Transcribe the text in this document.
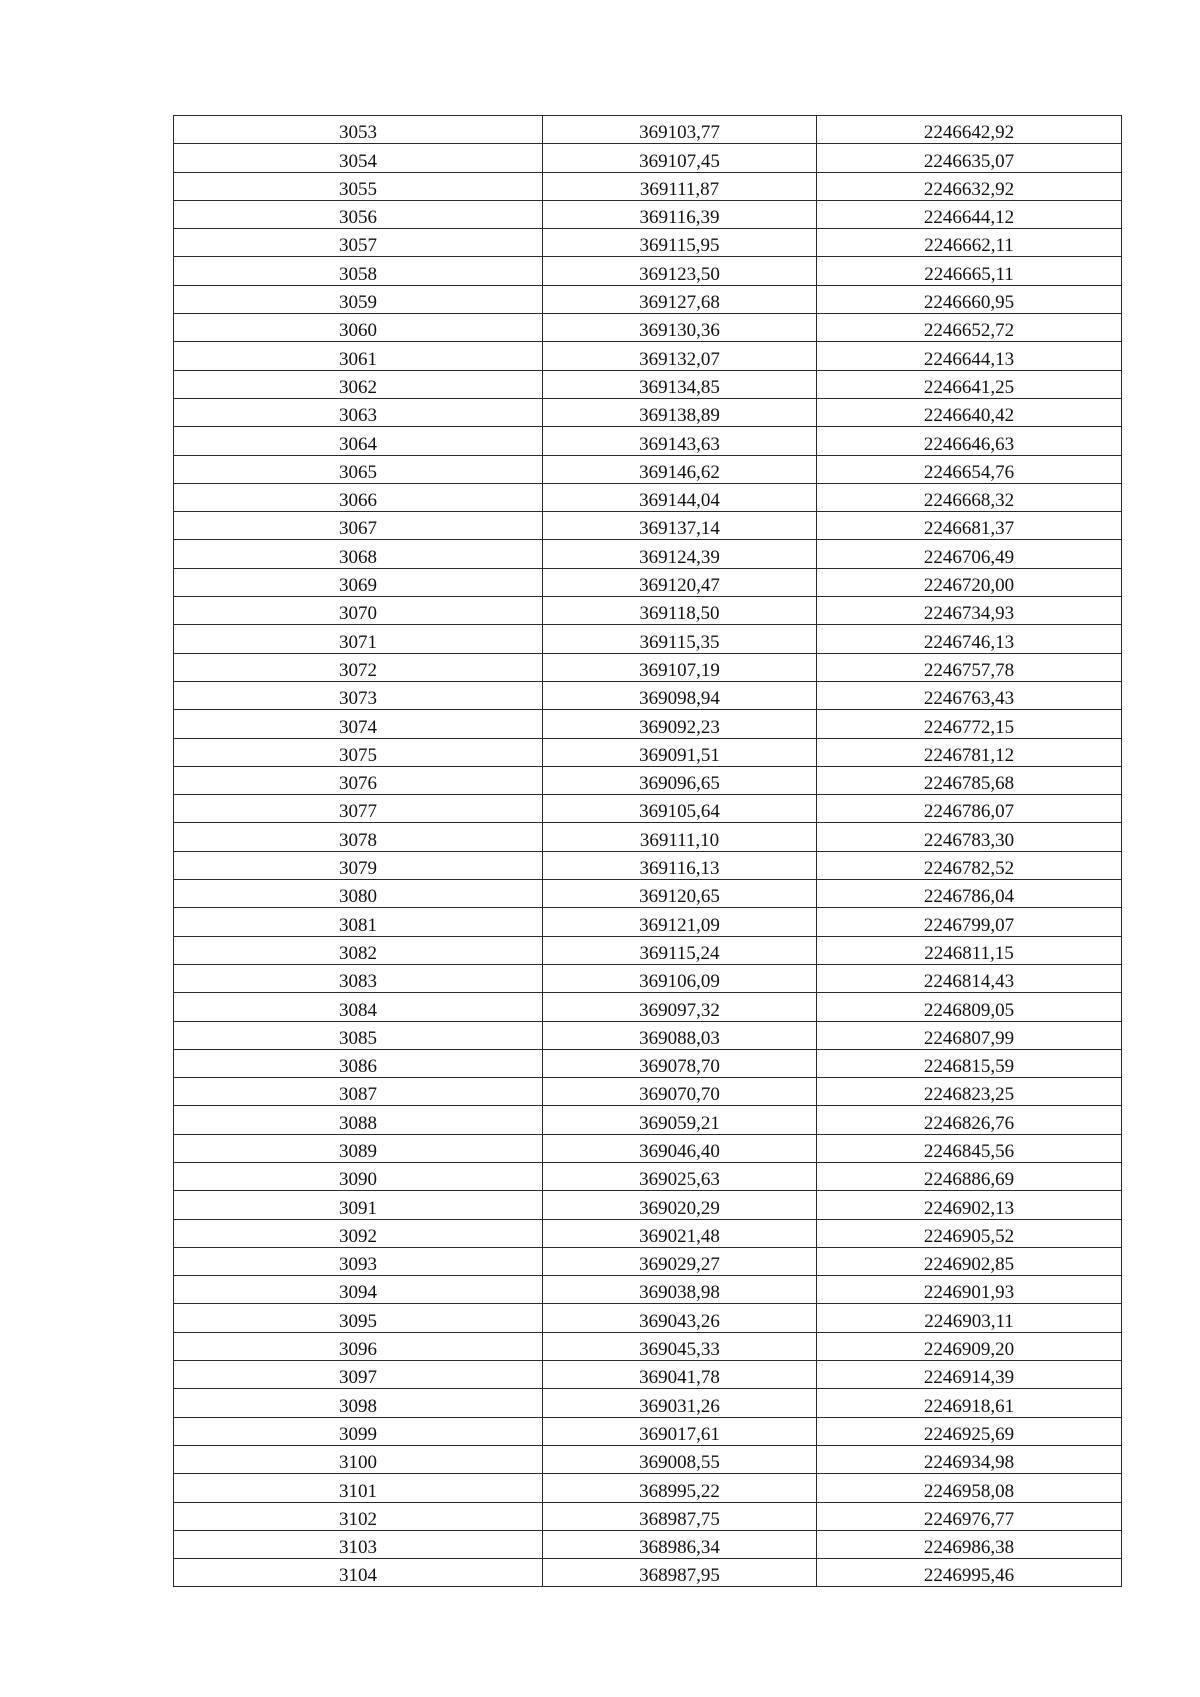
3053	369103,77	2246642,92
3054	369107,45	2246635,07
3055	369111,87	2246632,92
3056	369116,39	2246644,12
3057	369115,95	2246662,11
3058	369123,50	2246665,11
3059	369127,68	2246660,95
3060	369130,36	2246652,72
3061	369132,07	2246644,13
3062	369134,85	2246641,25
3063	369138,89	2246640,42
3064	369143,63	2246646,63
3065	369146,62	2246654,76
3066	369144,04	2246668,32
3067	369137,14	2246681,37
3068	369124,39	2246706,49
3069	369120,47	2246720,00
3070	369118,50	2246734,93
3071	369115,35	2246746,13
3072	369107,19	2246757,78
3073	369098,94	2246763,43
3074	369092,23	2246772,15
3075	369091,51	2246781,12
3076	369096,65	2246785,68
3077	369105,64	2246786,07
3078	369111,10	2246783,30
3079	369116,13	2246782,52
3080	369120,65	2246786,04
3081	369121,09	2246799,07
3082	369115,24	2246811,15
3083	369106,09	2246814,43
3084	369097,32	2246809,05
3085	369088,03	2246807,99
3086	369078,70	2246815,59
3087	369070,70	2246823,25
3088	369059,21	2246826,76
3089	369046,40	2246845,56
3090	369025,63	2246886,69
3091	369020,29	2246902,13
3092	369021,48	2246905,52
3093	369029,27	2246902,85
3094	369038,98	2246901,93
3095	369043,26	2246903,11
3096	369045,33	2246909,20
3097	369041,78	2246914,39
3098	369031,26	2246918,61
3099	369017,61	2246925,69
3100	369008,55	2246934,98
3101	368995,22	2246958,08
3102	368987,75	2246976,77
3103	368986,34	2246986,38
3104	368987,95	2246995,46
